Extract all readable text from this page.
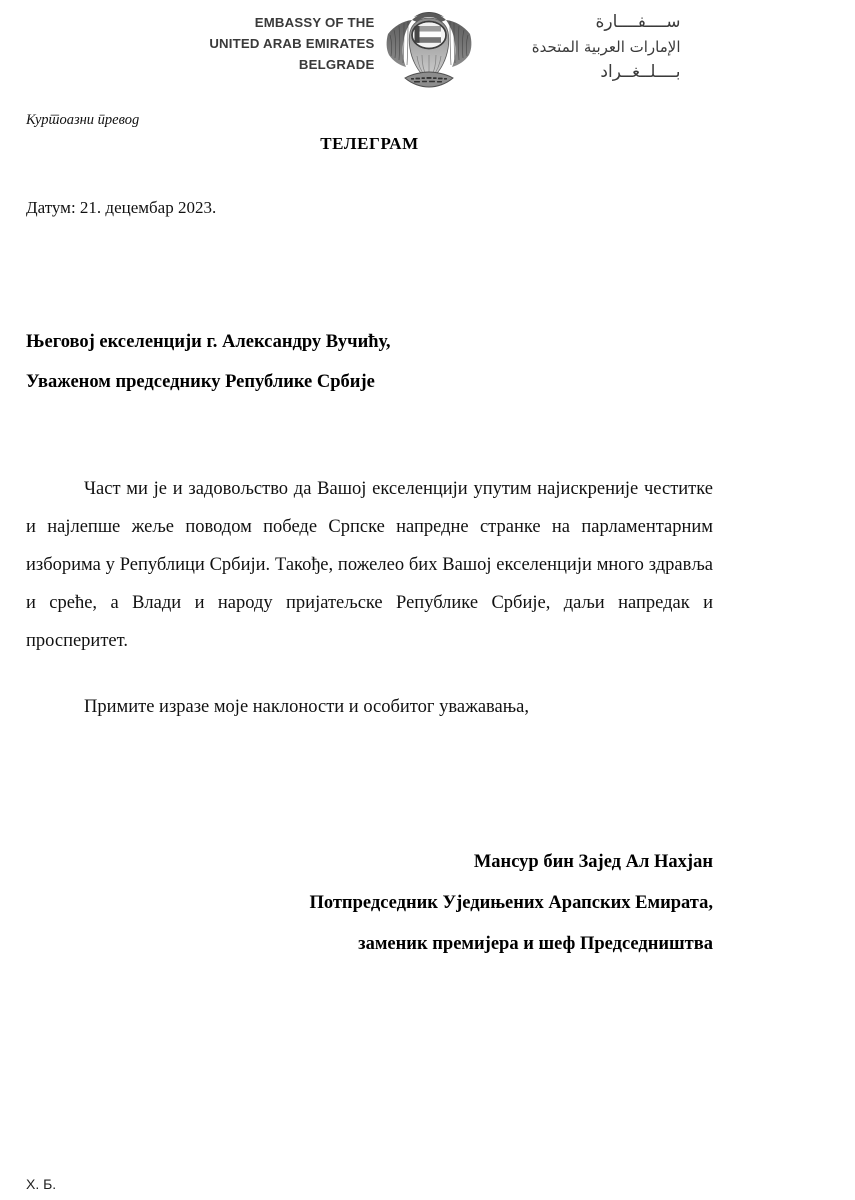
EMBASSY OF THE
UNITED ARAB EMIRATES
BELGRADE
ســــفــــارة
الإمارات العربية المتحدة
بــــلــغــراد
Куртоазни превод
ТЕЛЕГРАМ
Датум: 21. децембар 2023.
Његовој екселенцији г. Александру Вучићу,
Уваженом председнику Републике Србије

Част ми је и задовољство да Вашој екселенцији упутим најискреније честитке и најлепше жеље поводом победе Српске напредне странке на парламентарним изборима у Републици Србији. Такође, пожелео бих Вашој екселенцији много здравља и среће, а Влади и народу пријатељске Републике Србије, даљи напредак и просперитет.

Примите изразе моје наклоности и особитог уважавања,

Мансур бин Зајед Ал Нахјан
Потпредседник Уједињених Арапских Емирата,
заменик премијера и шеф Председништва
Х. Б.
